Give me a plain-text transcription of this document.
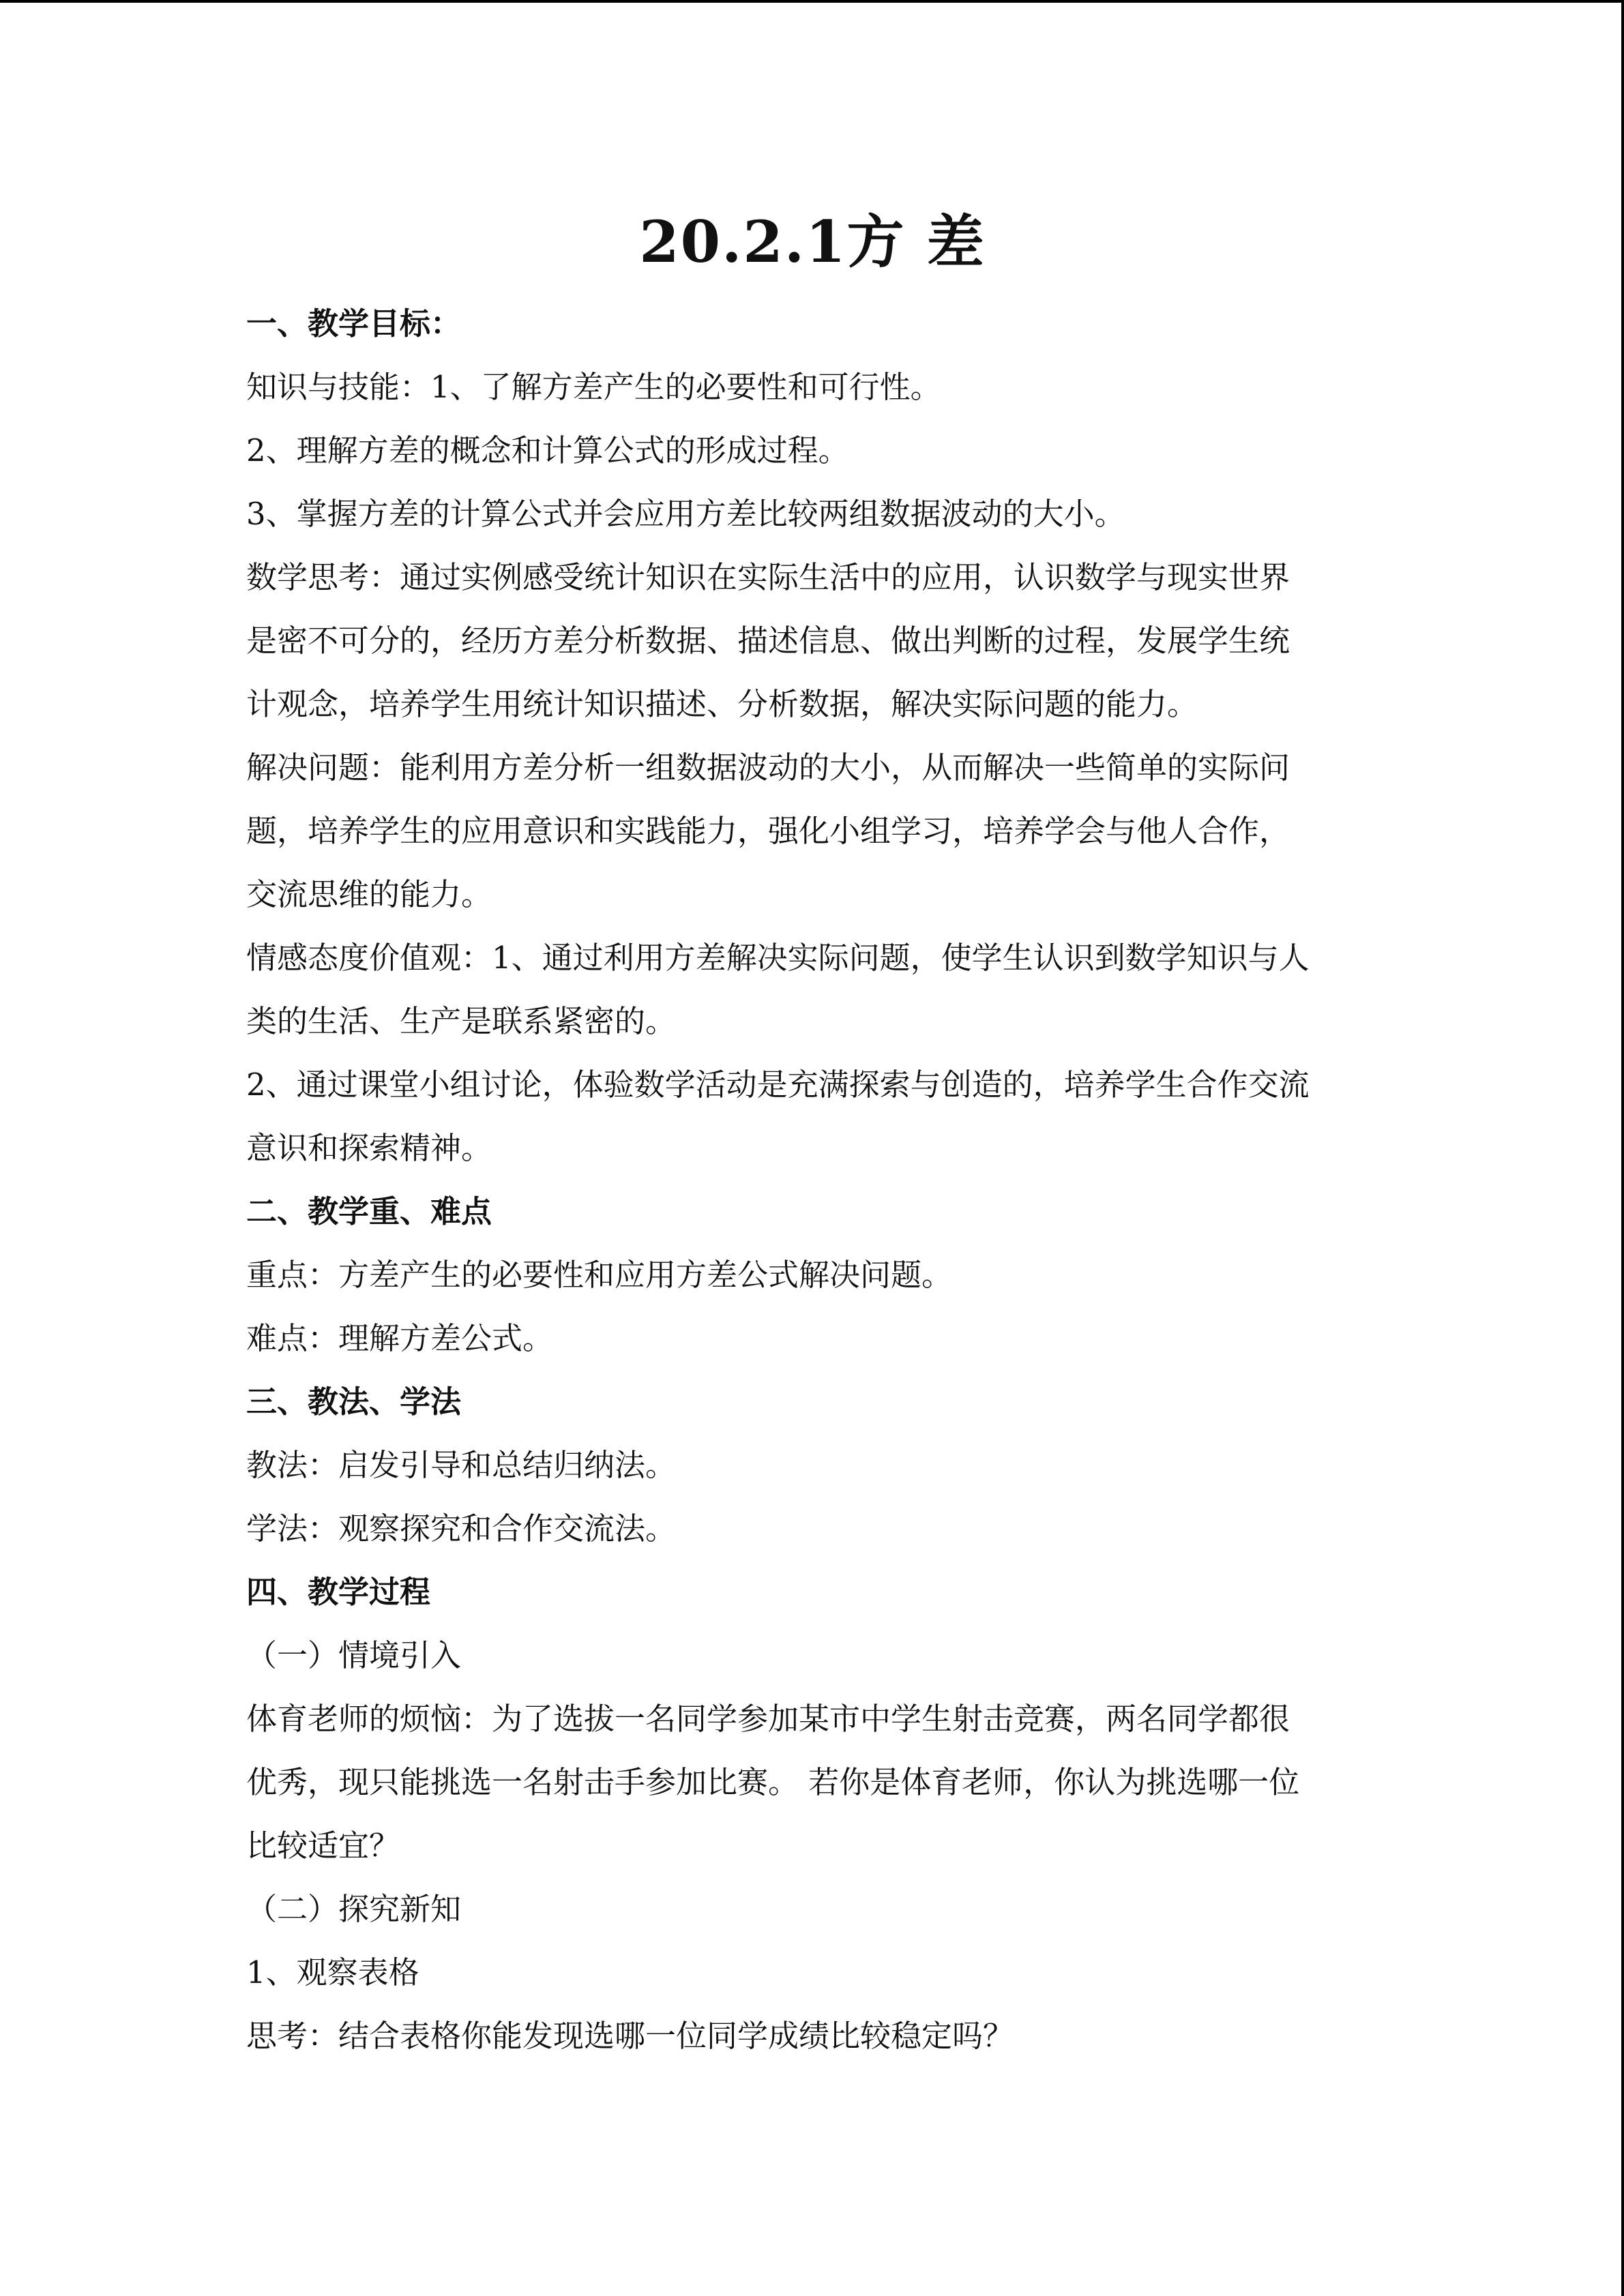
20.2.1方 差

一、教学目标：

知识与技能：1、了解方差产生的必要性和可行性。

2、理解方差的概念和计算公式的形成过程。

3、掌握方差的计算公式并会应用方差比较两组数据波动的大小。

数学思考：通过实例感受统计知识在实际生活中的应用，认识数学与现实世界

是密不可分的，经历方差分析数据、描述信息、做出判断的过程，发展学生统

计观念，培养学生用统计知识描述、分析数据，解决实际问题的能力。

解决问题：能利用方差分析一组数据波动的大小，从而解决一些简单的实际问

题，培养学生的应用意识和实践能力，强化小组学习，培养学会与他人合作，

交流思维的能力。

情感态度价值观：1、通过利用方差解决实际问题，使学生认识到数学知识与人

类的生活、生产是联系紧密的。

2、通过课堂小组讨论，体验数学活动是充满探索与创造的，培养学生合作交流

意识和探索精神。

二、教学重、难点

重点：方差产生的必要性和应用方差公式解决问题。

难点：理解方差公式。

三、教法、学法

教法：启发引导和总结归纳法。

学法：观察探究和合作交流法。

四、教学过程

（一）情境引入

体育老师的烦恼：为了选拔一名同学参加某市中学生射击竞赛，两名同学都很

优秀，现只能挑选一名射击手参加比赛。 若你是体育老师，你认为挑选哪一位

比较适宜？

（二）探究新知

1、观察表格

思考：结合表格你能发现选哪一位同学成绩比较稳定吗？
